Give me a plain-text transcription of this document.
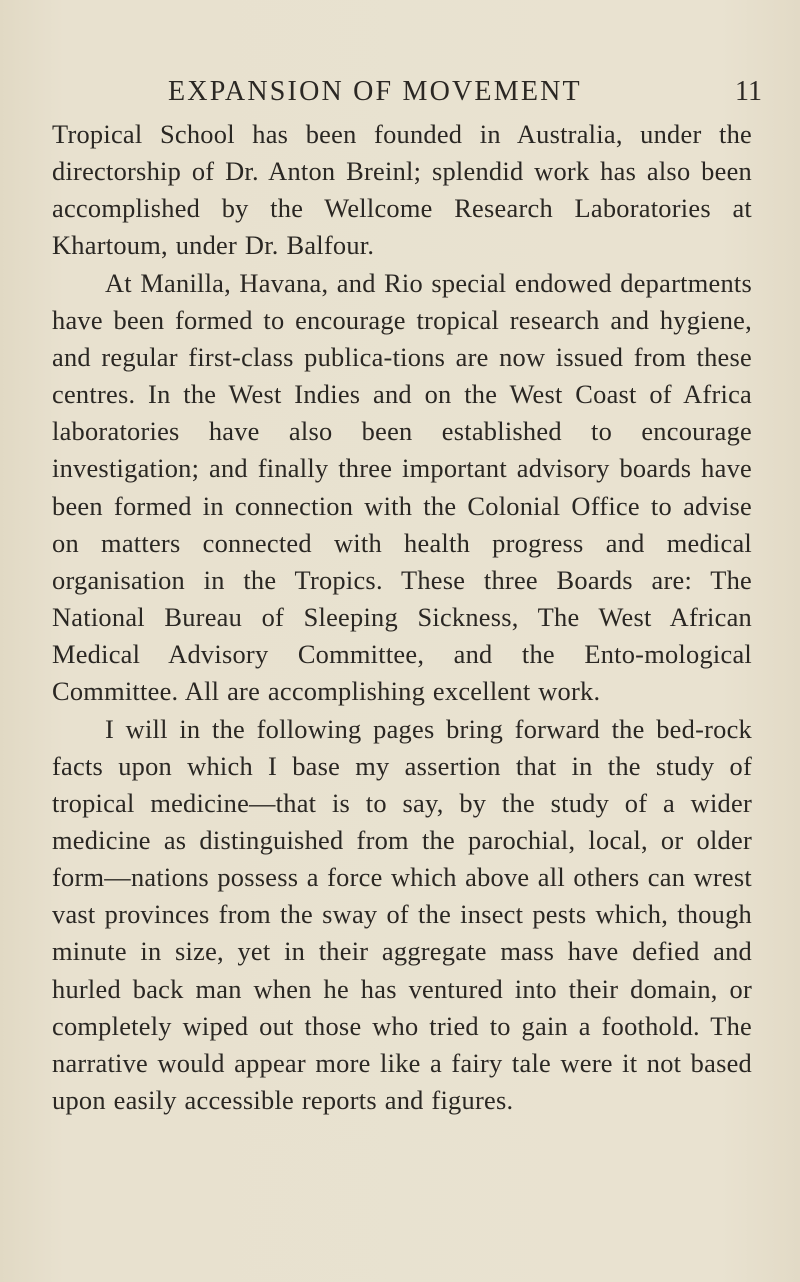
EXPANSION OF MOVEMENT	11

Tropical School has been founded in Australia, under the directorship of Dr. Anton Breinl; splendid work has also been accomplished by the Wellcome Research Laboratories at Khartoum, under Dr. Balfour.

At Manilla, Havana, and Rio special endowed departments have been formed to encourage tropical research and hygiene, and regular first-class publica-tions are now issued from these centres. In the West Indies and on the West Coast of Africa laboratories have also been established to encourage investigation; and finally three important advisory boards have been formed in connection with the Colonial Office to advise on matters connected with health progress and medical organisation in the Tropics. These three Boards are: The National Bureau of Sleeping Sickness, The West African Medical Advisory Committee, and the Ento-mological Committee. All are accomplishing excellent work.

I will in the following pages bring forward the bed-rock facts upon which I base my assertion that in the study of tropical medicine—that is to say, by the study of a wider medicine as distinguished from the parochial, local, or older form—nations possess a force which above all others can wrest vast provinces from the sway of the insect pests which, though minute in size, yet in their aggregate mass have defied and hurled back man when he has ventured into their domain, or completely wiped out those who tried to gain a foothold. The narrative would appear more like a fairy tale were it not based upon easily accessible reports and figures.
